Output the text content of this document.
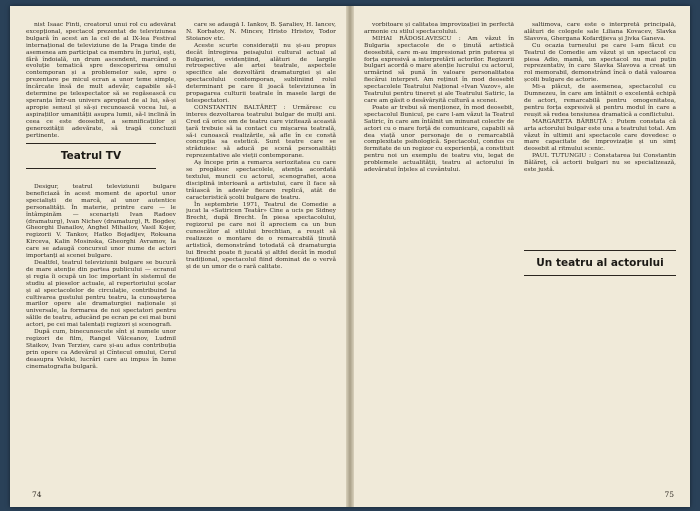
nist Isaac Finti, creatorul unui rol cu adevărat excepțional, spectacol prezentat de televiziunea bulgară în acest an la cel de al IX-lea Festival internațional de televiziune de la Praga tinde de asemenea am participat ca membru în juriul, ești, fără îndoială, un drum ascendent, marcând o evoluție tematică spre descoperirea omului contemporan și a problemelor sale, spre o prezentare pe micul ecran a unor teme simple, încărcate însă de mult adevăr, capabile să-l determine pe telespectator să se regăsească cu speranța într-un univers apropiat de al lui, să-și apropie sensul și să-și recunoască vocea lui, a aspirațiilor umanității asupra lumii, să-l inclină în ceea ce este deosebit, a semnificațiilor și generozității adevărate, să tragă concluzii pertinente.

Teatrul TV

Desigur, teatrul televiziunii bulgare beneficiază în acest moment de aportul unor specialiști de marcă, al unor autentice personalități. În materie, printre care — le întâmpinăm — scenariști Ivan Radoev (dramaturg), Ivan Nichev (dramaturg), R. Bogdev, Gheorghi Danailov, Anghel Mihailov, Vasil Kojer, regizorii V. Tankov, Hatko Bojadijev, Roksana Kirceva, Kalin Mosinska, Gheorghi Avramov, la care se adaugă concursul unor nume de actori importanți ai scenei bulgare.

Dealtfel, teatrul televiziunii bulgare se bucură de mare atenție din partea publicului — ecranul și regia îi ocupă un loc important în sistemul de studiu al pieselor actuale, al repertoriului școlar și al spectacolelor de circulație, contribuind la cultivarea gustului pentru teatru, la cunoașterea marilor opere ale dramaturgiei naționale și universale, la formarea de noi spectatori pentru sălile de teatru, aducând pe ecran pe cei mai buni actori, pe cei mai talentați regizori și scenografi.

După cum, binecunoscute sînt și numele unor regizori de film, Rangel Vâlceanov, Ludmil Staikov, Ivan Terziev, care și-au adus contribuția prin opere ca Adevărul și Cîntecul omului, Cerul deasupra Veleki, lucrări care au impus în lume cinematografia bulgară.

care se adaugă I. Iankov, B. Șaraliev, H. Iancev, N. Korbatov, N. Mincev, Hristo Hristov, Todor Stoianov etc.

Aceste scurte considerații nu și-au propus decât întregirea peisajului cultural actual al Bulgariei, evidențiind, alături de largile retrospective ale artei teatrale, aspectele specifice ale dezvoltării dramaturgiei și ale spectacolului contemporan, subliniind rolul determinant pe care îl joacă televiziunea în propagarea culturii teatrale în masele largi de telespectatori.

CONSTANTIN BALTĂREȚ : Urmăresc cu interes dezvoltarea teatrului bulgar de mulți ani. Cred că orice om de teatru care vizitează această țară trebuie să ia contact cu mișcarea teatrală, să-i cunoască realizările, să afle în ce constă concepția sa estetică. Sunt teatre care se străduiesc să aducă pe scenă personalități reprezentative ale vieții contemporane.

Aș începe prin a remarca seriozitatea cu care se pregătesc spectacolele, atenția acordată textului, muncii cu actorul, scenografiei, acea disciplină interioară a artistului, care îl face să trăiască în adevăr fiecare replică, atât de caracteristică școlii bulgare de teatru.

În septembrie 1971, Teatrul de Comedie a jucat la «Satiricen Teatăr» Cine a ucis pe Sidney Brecht, după Brecht. În piesa spectacolului, regizorul pe care noi îl apreciem ca un bun cunoscător al stilului brechtian, a reușit să realizeze o montare de o remarcabilă ținută artistică, demonstrând totodată că dramaturgia lui Brecht poate fi jucată și altfel decât în modul tradițional, spectacolul fiind dominat de o vervă și de un umor de o rară calitate.

74

vorbitoare și calitatea improvizației în perfectă armonie cu stilul spectacolului.

MIHAI RĂDOSLAVESCU : Am văzut în Bulgaria spectacole de o ținută artistică deosebită, care m-au impresionat prin puterea și forța expresivă a interpretării actorilor. Regizorii bulgari acordă o mare atenție lucrului cu actorul, urmărind să pună în valoare personalitatea fiecărui interpret. Am reținut în mod deosebit spectacolele Teatrului Național «Ivan Vazov», ale Teatrului pentru tineret și ale Teatrului Satiric, la care am găsit o desăvârșită cultură a scenei.

Poate ar trebui să menționez, în mod deosebit, spectacolul Bunicul, pe care l-am văzut la Teatrul Satiric, în care am întâlnit un minunat colectiv de actori cu o mare forță de comunicare, capabili să dea viață unor personaje de o remarcabilă complexitate psihologică. Spectacolul, condus cu fermitate de un regizor cu experiență, a constituit pentru noi un exemplu de teatru viu, legat de problemele actualității, teatru al actorului în adevăratul înțeles al cuvântului.

saltimova, care este o interpretă principală, alături de colegele sale Liliana Kovacev, Slavka Slavova, Ghergana Kofardjieva și Jivka Ganeva.

Cu ocazia turneului pe care l-am făcut cu Teatrul de Comedie am văzut și un spectacol cu piesa Adio, mamă, un spectacol nu mai puțin reprezentativ, în care Slavka Slavova a creat un rol memorabil, demonstrând încă o dată valoarea școlii bulgare de actorie.

Mi-a plăcut, de asemenea, spectacolul cu Dumnezeu, în care am întâlnit o excelentă echipă de actori, remarcabilă pentru omogenitatea, pentru forța expresivă și pentru modul în care a reușit să redea tensiunea dramatică a conflictului.

MARGARETA BĂRBUȚĂ : Putem constata că arta actorului bulgar este una a teatrului total. Am văzut în ultimii ani spectacole care dovedesc o mare capacitate de improvizație și un simț deosebit al ritmului scenic.

PAUL TUTUNGIU : Constatarea lui Constantin Bălăreț, că actorii bulgari nu se specializează, este justă.

75
Un teatru al actorului
